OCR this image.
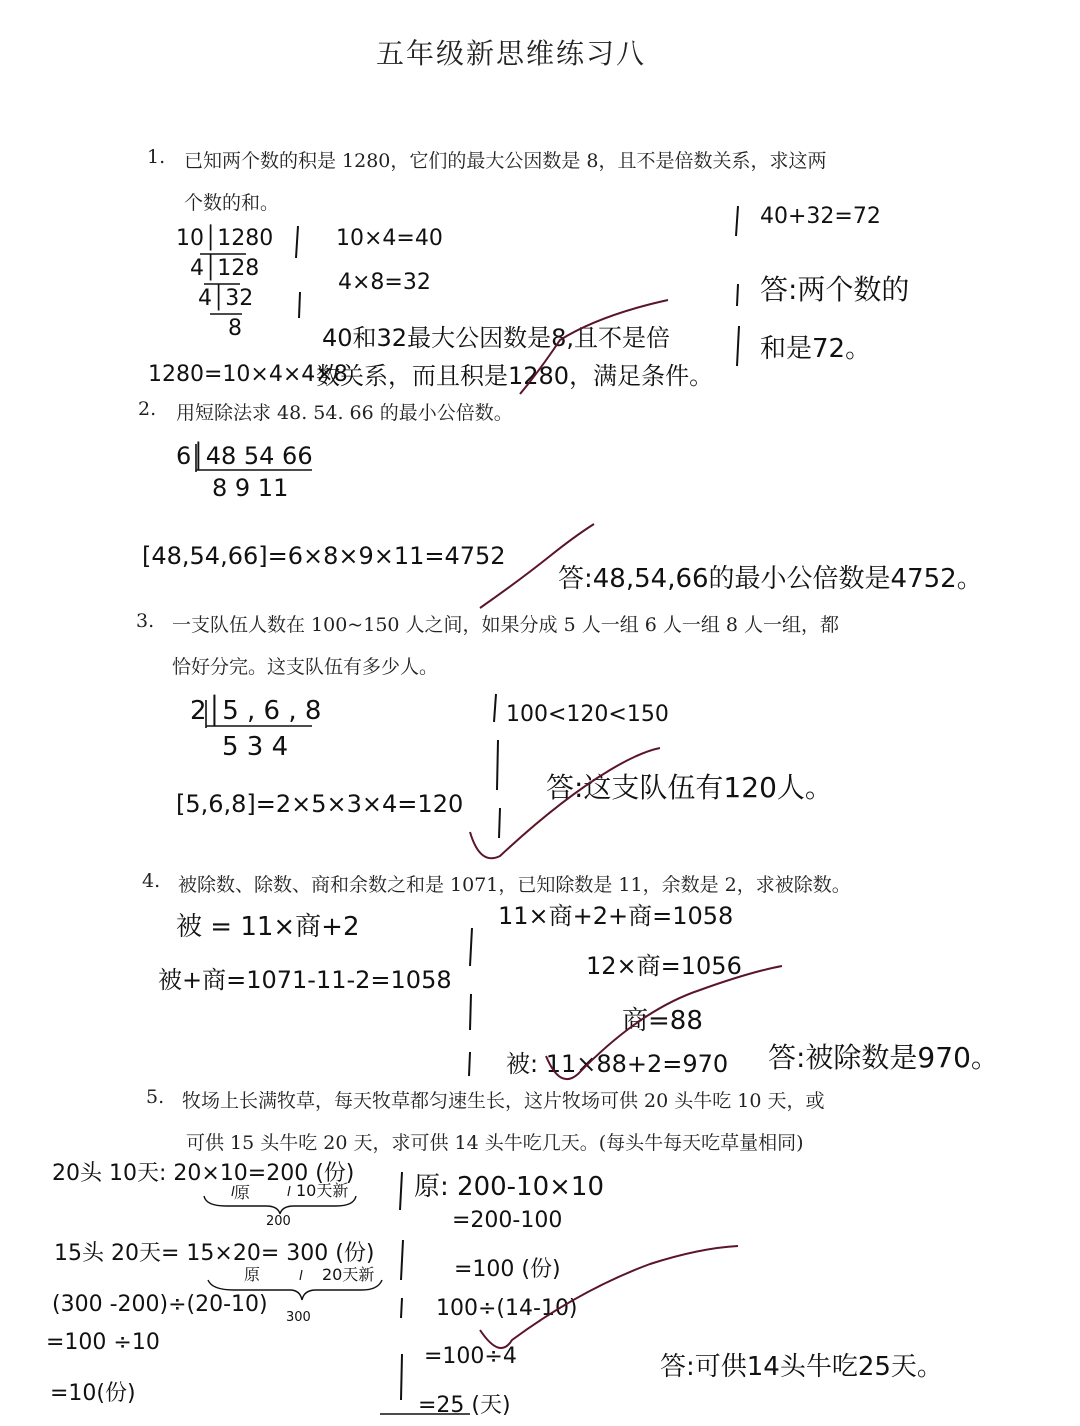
五年级新思维练习八
1. 已知两个数的积是 1280，它们的最大公因数是 8，且不是倍数关系，求这两
个数的和。
10│1280
4│128
4│32
8
10×4=40
4×8=32
40+32=72
答:两个数的
和是72。
40和32最大公因数是8,且不是倍
1280=10×4×4×8
数关系，而且积是1280，满足条件。
2. 用短除法求 48. 54. 66 的最小公倍数。
6│48 54 66
8 9 11
[48,54,66]=6×8×9×11=4752
答:48,54,66的最小公倍数是4752。
3. 一支队伍人数在 100~150 人之间，如果分成 5 人一组 6 人一组 8 人一组，都
恰好分完。这支队伍有多少人。
2│5 , 6 , 8
5 3 4
[5,6,8]=2×5×3×4=120
100<120<150
答:这支队伍有120人。
4. 被除数、除数、商和余数之和是 1071，已知除数是 11，余数是 2，求被除数。
被 = 11×商+2
被+商=1071-11-2=1058
11×商+2+商=1058
12×商=1056
商=88
被: 11×88+2=970 答:被除数是970。
5. 牧场上长满牧草，每天牧草都匀速生长，这片牧场可供 20 头牛吃 10 天，或
可供 15 头牛吃 20 天，求可供 14 头牛吃几天。(每头牛每天吃草量相同)
20头 10天: 20×10=200 (份)
原	10天新
200
15头 20天= 15×20= 300 (份)
原	20天新
(300 -200)÷(20-10)
300
=100 ÷10
=10(份)
原: 200-10×10
=200-100
=100 (份)
100÷(14-10)
=100÷4
=25 (天)
答:可供14头牛吃25天。
